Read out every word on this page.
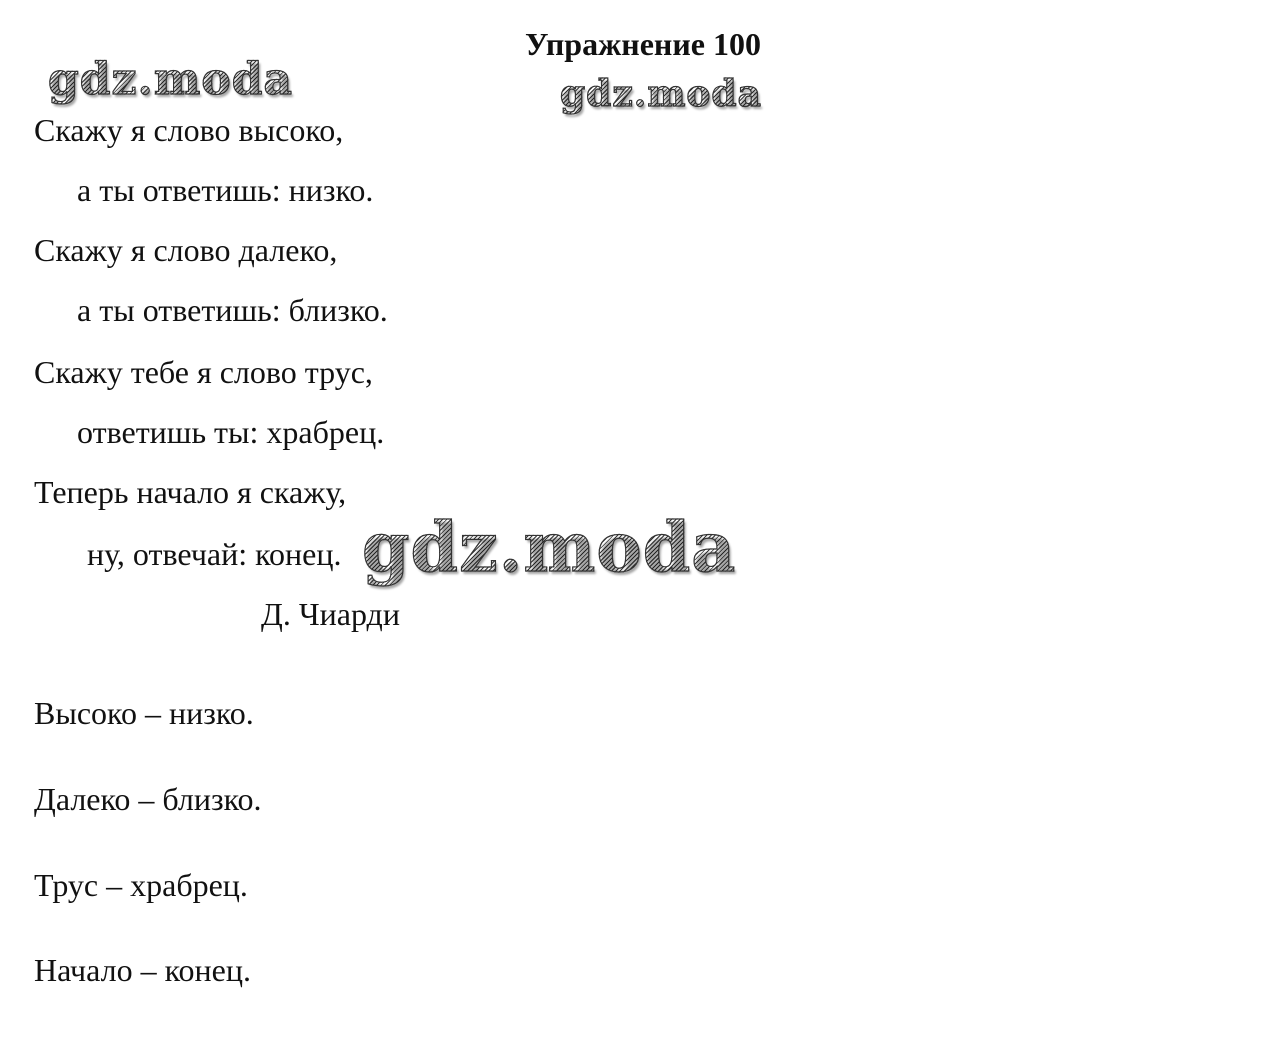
Упражнение 100
Скажу я слово высоко,
а ты ответишь: низко.
Скажу я слово далеко,
а ты ответишь: близко.
Скажу тебе я слово трус,
ответишь ты: храбрец.
Теперь начало я скажу,
ну, отвечай: конец.
Д. Чиарди
Высоко – низко.
Далеко – близко.
Трус – храбрец.
Начало – конец.
gdz.moda	gdz.moda
gdz.moda
